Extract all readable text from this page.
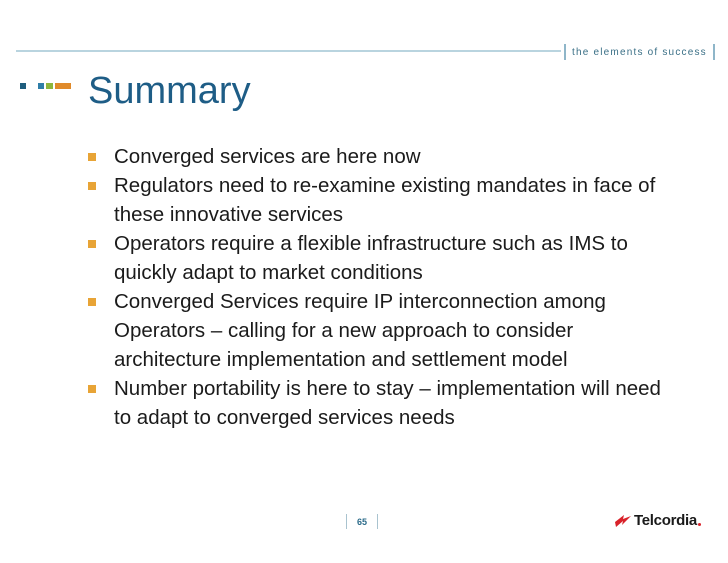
the elements of success
Summary
Converged services are here now
Regulators need to re-examine existing mandates in face of these innovative services
Operators require a flexible infrastructure such as IMS to quickly adapt to market conditions
Converged Services require IP interconnection among Operators – calling for a new approach to consider architecture implementation and settlement model
Number portability is here to stay – implementation will need to adapt to converged services needs
65	Telcordia
